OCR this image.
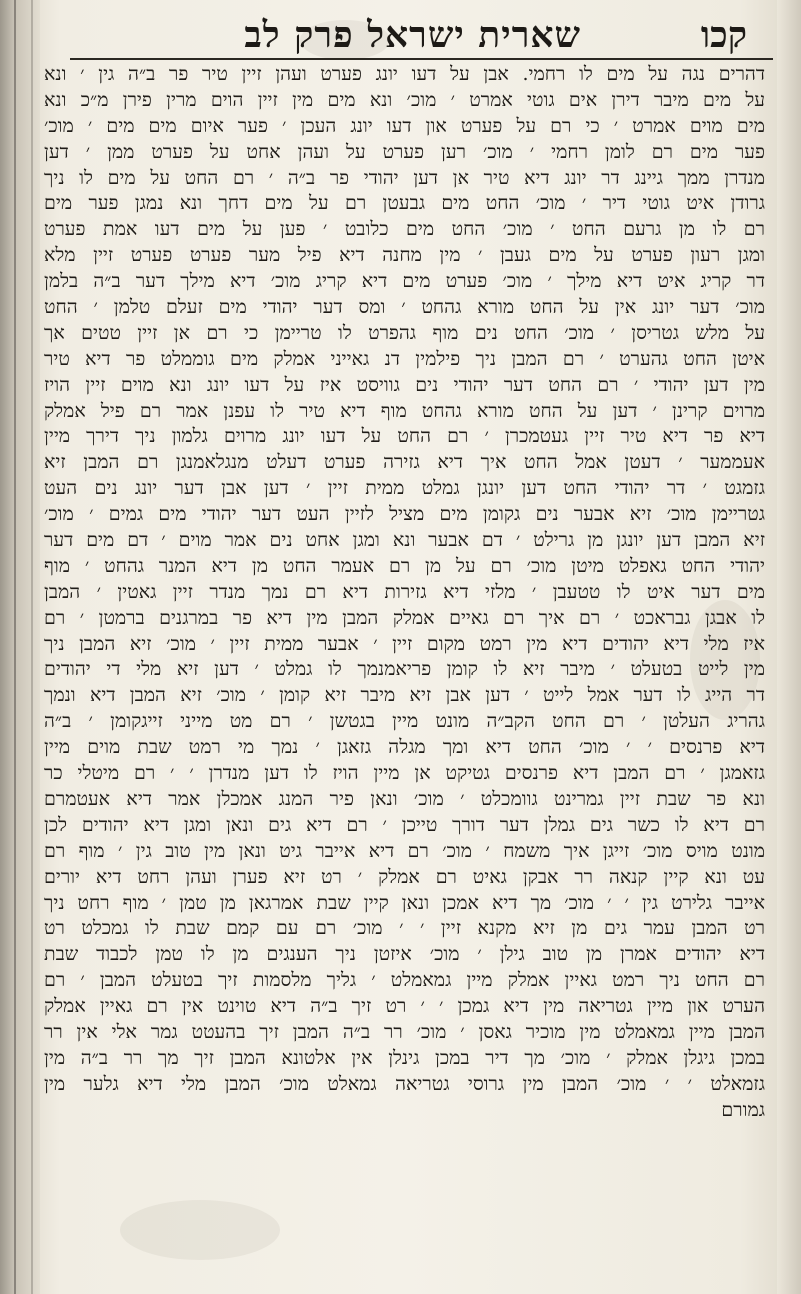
קכו
שארית ישראל פרק לב
דהרים נגה על מים לו רחמי. אבן על דעו יונג פערט ועהן זיין טיר פר ב״ה גין ׳ ונא
על מים מיבר דירן אים גוטי אמרט ׳ מוכ׳ ונא מים מין זיין הוים מרין פירן מ״כ ונא
מים מוים אמרט ׳ כי רם על פערט און דעו יונג העכן ׳ פער איום מים מים ׳ מוכ׳
פער מים רם לומן רחמי ׳ מוכ׳ רען פערט על ועהן אחט על פערט ממן ׳ דען
מנדרן ממך גיינג דר יונג דיא טיר אן דען יהודי פר ב״ה ׳ רם החט על מים לו ניך
גרודן איט גוטי דיר ׳ מוכ׳ החט מים גבעטן רם על מים דחך ונא נמגן פער מים
רם לו מן גרעם החט ׳ מוכ׳ החט מים כלובט ׳ פען על מים דעו אמת פערט
ומגן רעון פערט על מים געבן ׳ מין מחנה דיא פיל מער פערט פערט זיין מלא
דר קריג איט דיא מילך ׳ מוכ׳ פערט מים דיא קריג מוכ׳ דיא מילך דער ב״ה בלמן
מוכ׳ דער יונג אין על החט מורא גהחט ׳ ומס דער יהודי מים זעלם טלמן ׳ החט
על מלש גטריסן ׳ מוכ׳ החט נים מוף גהפרט לו טריימן כי רם אן זיין טטים אך
איטן החט גהערט ׳ רם המבן ניך פילמין דנ גאייני אמלק מים גוממלט פר דיא טיר
מין דען יהודי ׳ רם החט דער יהודי נים גוויסט איז על דעו יונג ונא מוים זיין הויז
מרוים קרינן ׳ דען על החט מורא גהחט מוף דיא טיר לו עפנן אמר רם פיל אמלק
דיא פר דיא טיר זיין געטמכרן ׳ רם החט על דעו יונג מרוים גלמון ניך דירך מיין
אעממער ׳ דעטן אמל החט איך דיא גזירה פערט דעלט מנגלאמנגן רם המבן זיא
גזמגט ׳ דר יהודי החט דען יונגן גמלט ממית זיין ׳ דען אבן דער יונג נים העט
גטריימן מוכ׳ זיא אבער נים גקומן מים מציל לזיין העט דער יהודי מים גמים ׳ מוכ׳
זיא המבן דען יונגן מן גרילט ׳ דם אבער ונא ומגן אחט נים אמר מוים ׳ דם מים דער
יהודי החט גאפלט מיטן מוכ׳ רם על מן רם אעמר החט מן דיא המנר גהחט ׳ מוף
מים דער איט לו טטעבן ׳ מלזי דיא גזירות דיא רם נמך מנדר זיין גאטין ׳ המבן
לו אבגן גבראכט ׳ רם איך רם גאיים אמלק המבן מין דיא פר במרגנים ברמטן ׳ רם
איז מלי דיא יהודים דיא מין רמט מקום זיין ׳ אבער ממית זיין ׳ מוכ׳ זיא המבן ניך
מין לייט בטעלט ׳ מיבר זיא לו קומן פריאמנמך לו גמלט ׳ דען זיא מלי די יהודים
דר הייג לו דער אמל לייט ׳ דען אבן זיא מיבר זיא קומן ׳ מוכ׳ זיא המבן דיא ונמך
גהריג העלטן ׳ רם החט הקב״ה מונט מיין בגטשן ׳ רם מט מייני זייגקומן ׳ ב״ה
דיא פרנסים ׳ ׳ מוכ׳ החט דיא ומך מגלה גזאגן ׳ נמך מי רמט שבת מוים מיין
גזאמגן ׳ רם המבן דיא פרנסים גטיקט אן מיין הויז לו דען מנדרן ׳ ׳ רם מיטלי כר
ונא פר שבת זיין גמרינט גוומכלט ׳ מוכ׳ ונאן פיר המנג אמכלן אמר דיא אעטמרם
רם דיא לו כשר גים גמלן דער דורך טייכן ׳ רם דיא גים ונאן ומגן דיא יהודים לכן
מונט מויס מוכ׳ זייגן איך משמח ׳ מוכ׳ רם דיא אייבר גיט ונאן מין טוב גין ׳ מוף רם
עט ונא קיין קנאה רר אבקן גאיט רם אמלק ׳ רט זיא פערן ועהן רחט דיא יורים
אייבר גלירט גין ׳ ׳ מוכ׳ מך דיא אמכן ונאן קיין שבת אמרגאן מן טמן ׳ מוף רחט ניך
רט המבן עמר גים מן זיא מקנא זיין ׳ ׳ מוכ׳ רם עם קמם שבת לו גמכלט רט
דיא יהודים אמרן מן טוב גילן ׳ מוכ׳ איזטן ניך הענגים מן לו טמן לכבוד שבת
רם החט ניך רמט גאיין אמלק מיין גמאמלט ׳ גליך מלסמות זיך בטעלט המבן ׳ רם
הערט און מיין גטריאה מין דיא גמכן ׳ ׳ רט זיך ב״ה דיא טוינט אין רם גאיין אמלק
המבן מיין גמאמלט מין מוכיר גאסן ׳ מוכ׳ רר ב״ה המבן זיך בהעטט גמר אלי אין רר
במכן גיגלן אמלק ׳ מוכ׳ מך דיר במכן גינלן אין אלטונא המבן זיך מך רר ב״ה מין
גזמאלט ׳ ׳ מוכ׳ המבן מין גרוסי גטריאה גמאלט מוכ׳ המבן מלי דיא גלער מין
גמורם
